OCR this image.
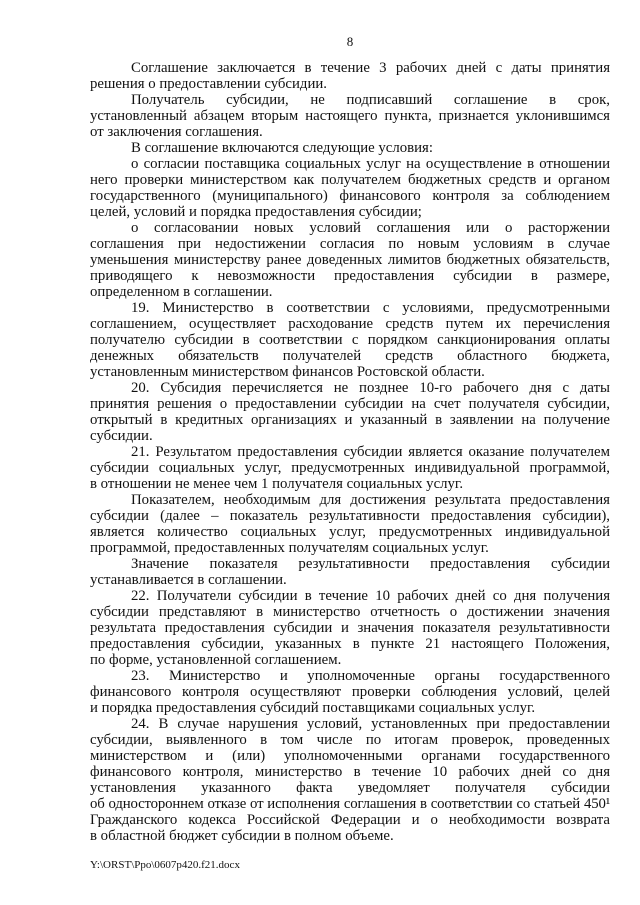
8
Соглашение заключается в течение 3 рабочих дней с даты принятия
решения о предоставлении субсидии.
Получатель субсидии, не подписавший соглашение в срок,
установленный абзацем вторым настоящего пункта, признается уклонившимся
от заключения соглашения.
В соглашение включаются следующие условия:
о согласии поставщика социальных услуг на осуществление в отношении
него проверки министерством как получателем бюджетных средств и органом
государственного (муниципального) финансового контроля за соблюдением
целей, условий и порядка предоставления субсидии;
о согласовании новых условий соглашения или о расторжении
соглашения при недостижении согласия по новым условиям в случае
уменьшения министерству ранее доведенных лимитов бюджетных обязательств,
приводящего к невозможности предоставления субсидии в размере,
определенном в соглашении.
19. Министерство в соответствии с условиями, предусмотренными
соглашением, осуществляет расходование средств путем их перечисления
получателю субсидии в соответствии с порядком санкционирования оплаты
денежных обязательств получателей средств областного бюджета,
установленным министерством финансов Ростовской области.
20. Субсидия перечисляется не позднее 10-го рабочего дня с даты
принятия решения о предоставлении субсидии на счет получателя субсидии,
открытый в кредитных организациях и указанный в заявлении на получение
субсидии.
21. Результатом предоставления субсидии является оказание получателем
субсидии социальных услуг, предусмотренных индивидуальной программой,
в отношении не менее чем 1 получателя социальных услуг.
Показателем, необходимым для достижения результата предоставления
субсидии (далее – показатель результативности предоставления субсидии),
является количество социальных услуг, предусмотренных индивидуальной
программой, предоставленных получателям социальных услуг.
Значение показателя результативности предоставления субсидии
устанавливается в соглашении.
22. Получатели субсидии в течение 10 рабочих дней со дня получения
субсидии представляют в министерство отчетность о достижении значения
результата предоставления субсидии и значения показателя результативности
предоставления субсидии, указанных в пункте 21 настоящего Положения,
по форме, установленной соглашением.
23. Министерство и уполномоченные органы государственного
финансового контроля осуществляют проверки соблюдения условий, целей
и порядка предоставления субсидий поставщиками социальных услуг.
24. В случае нарушения условий, установленных при предоставлении
субсидии, выявленного в том числе по итогам проверок, проведенных
министерством и (или) уполномоченными органами государственного
финансового контроля, министерство в течение 10 рабочих дней со дня
установления указанного факта уведомляет получателя субсидии
об одностороннем отказе от исполнения соглашения в соответствии со статьей 450¹
Гражданского кодекса Российской Федерации и о необходимости возврата
в областной бюджет субсидии в полном объеме.
Y:\ORST\Ppo\0607p420.f21.docx
